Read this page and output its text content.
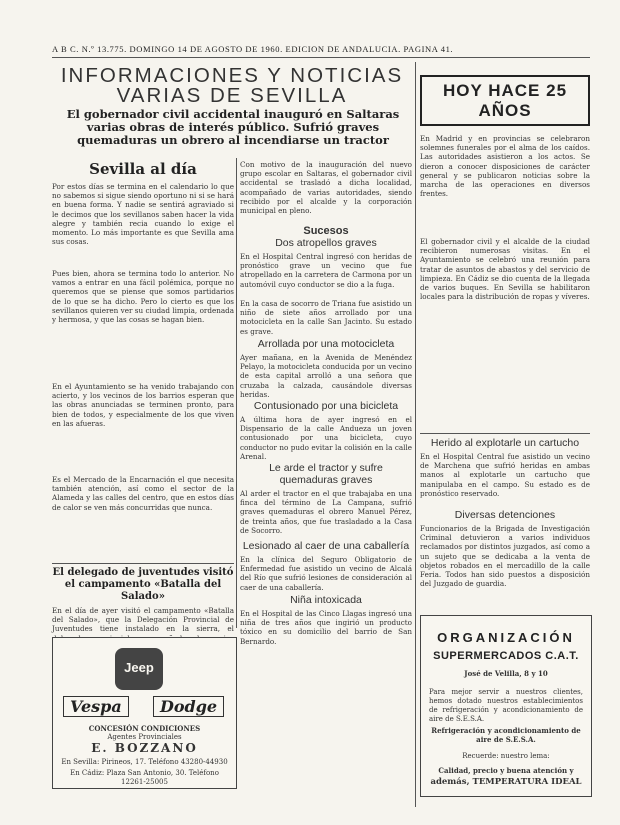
A B C. N.º 13.775. DOMINGO 14 DE AGOSTO DE 1960. EDICION DE ANDALUCIA. PAGINA 41.
INFORMACIONES Y NOTICIAS VARIAS DE SEVILLA
El gobernador civil accidental inauguró en Saltaras varias obras de interés público. Sufrió graves quemaduras un obrero al incendiarse un tractor
Sevilla al día
Por estos días se termina en el calendario lo que no sabemos si sigue siendo oportuno ni si se hará en buena forma. Y nadie se sentirá agraviado si le decimos que los sevillanos saben hacer la vida alegre y también recia cuando lo exige el momento. Lo más importante es que Sevilla ama sus cosas.
Pues bien, ahora se termina todo lo anterior. No vamos a entrar en una fácil polémica, porque no queremos que se piense que somos partidarios de lo que se ha dicho. Pero lo cierto es que los sevillanos quieren ver su ciudad limpia, ordenada y hermosa, y que las cosas se hagan bien.
En el Ayuntamiento se ha venido trabajando con acierto, y los vecinos de los barrios esperan que las obras anunciadas se terminen pronto, para bien de todos, y especialmente de los que viven en las afueras.
Es el Mercado de la Encarnación el que necesita también atención, así como el sector de la Alameda y las calles del centro, que en estos días de calor se ven más concurridas que nunca.
El delegado de juventudes visitó el campamento «Batalla del Salado»
En el día de ayer visitó el campamento «Batalla del Salado», que la Delegación Provincial de Juventudes tiene instalado en la sierra, el
Jeep
Vespa	Dodge
CONCESIÓN CONDICIONES
Agentes Provinciales
E. BOZZANO
En Sevilla: Pirineos, 17. Teléfono 43280-44930
En Cádiz: Plaza San Antonio, 30. Teléfono 12261-25005
Con motivo de la inauguración del nuevo grupo escolar en Saltaras, el gobernador civil accidental se trasladó a dicha localidad, acompañado de varias autoridades, siendo recibido por el alcalde y la corporación municipal en pleno.
Sucesos
Dos atropellos graves
En el Hospital Central ingresó con heridas de pronóstico grave un vecino que fue atropellado en la carretera de Carmona por un automóvil cuyo conductor se dio a la fuga.
En la casa de socorro de Triana fue asistido un niño de siete años arrollado por una motocicleta en la calle San Jacinto. Su estado es grave.
Arrollada por una motocicleta
Ayer mañana, en la Avenida de Menéndez Pelayo, la motocicleta conducida por un vecino de esta capital arrolló a una señora que cruzaba la calzada, causándole diversas heridas.
Contusionado por una bicicleta
A última hora de ayer ingresó en el Dispensario de la calle Andueza un joven contusionado por una bicicleta, cuyo conductor no pudo evitar la colisión en la calle Arenal.
Le arde el tractor y sufre quemaduras graves
Al arder el tractor en el que trabajaba en una finca del término de La Campana, sufrió graves quemaduras el obrero Manuel Pérez, de treinta años, que fue trasladado a la Casa de Socorro.
Lesionado al caer de una caballería
En la clínica del Seguro Obligatorio de Enfermedad fue asistido un vecino de Alcalá del Río que sufrió lesiones de consideración al caer de una caballería.
Niña intoxicada
En el Hospital de las Cinco Llagas ingresó una niña de tres años que ingirió un producto tóxico en su domicilio del barrio de San Bernardo.
HOY HACE 25 AÑOS
En Madrid y en provincias se celebraron solemnes funerales por el alma de los caídos. Las autoridades asistieron a los actos. Se dieron a conocer disposiciones de carácter general y se publicaron noticias sobre la marcha de las operaciones en diversos frentes.
El gobernador civil y el alcalde de la ciudad recibieron numerosas visitas. En el Ayuntamiento se celebró una reunión para tratar de asuntos de abastos y del servicio de limpieza. En Cádiz se dio cuenta de la llegada de varios buques. En Sevilla se habilitaron locales para la distribución de ropas y víveres.
Herido al explotarle un cartucho
En el Hospital Central fue asistido un vecino de Marchena que sufrió heridas en ambas manos al explotarle un cartucho que manipulaba en el campo. Su estado es de pronóstico reservado.
Diversas detenciones
Funcionarios de la Brigada de Investigación Criminal detuvieron a varios individuos reclamados por distintos juzgados, así como a un sujeto que se dedicaba a la venta de objetos robados en el mercadillo de la calle Feria. Todos han sido puestos a disposición del Juzgado de guardia.
ORGANIZACIÓN
SUPERMERCADOS C.A.T.
José de Velilla, 8 y 10
Para mejor servir a nuestros clientes, hemos dotado nuestros establecimientos de refrigeración y acondicionamiento de aire de S.E.S.A.
Refrigeración y acondicionamiento de aire de S.E.S.A.
Recuerde: nuestro lema:
Calidad, precio y buena atención y
además, TEMPERATURA IDEAL
